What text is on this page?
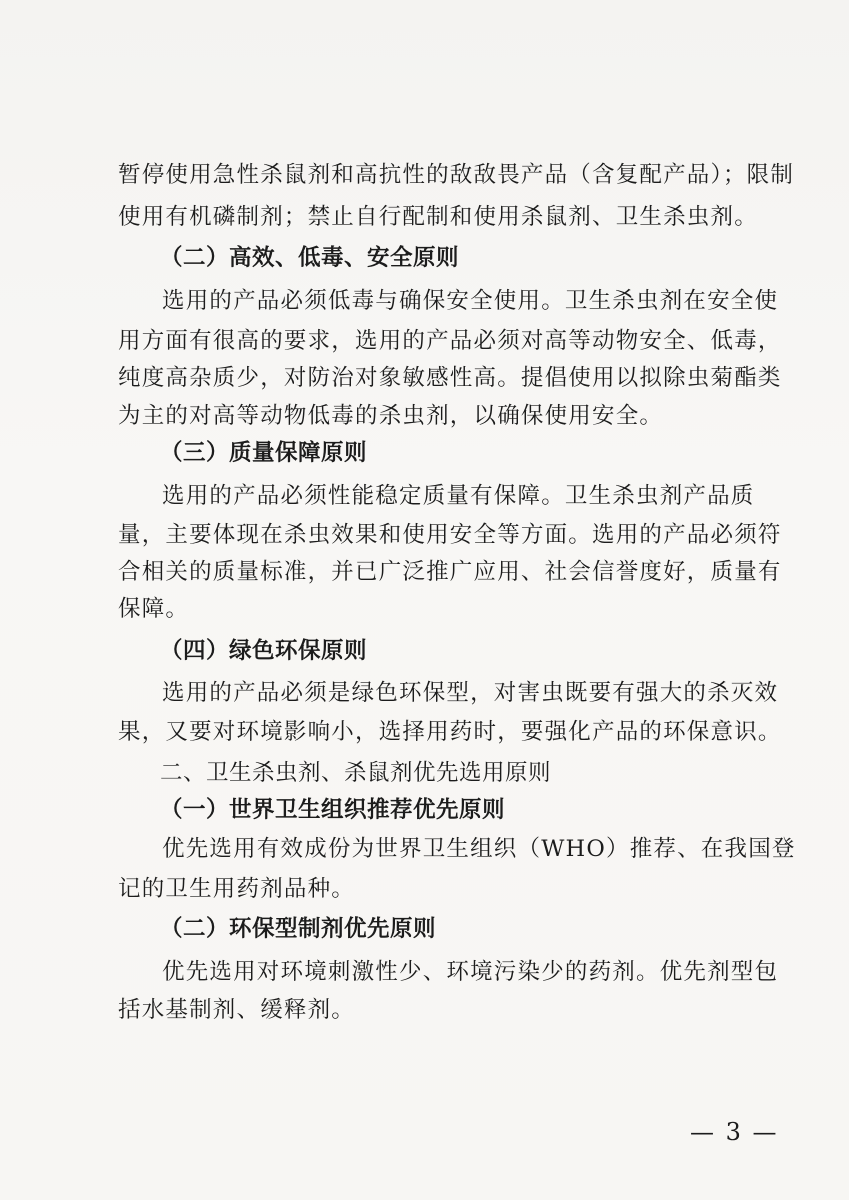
暂停使用急性杀鼠剂和高抗性的敌敌畏产品（含复配产品）；限制
使用有机磷制剂；禁止自行配制和使用杀鼠剂、卫生杀虫剂。
（二）高效、低毒、安全原则
选用的产品必须低毒与确保安全使用。卫生杀虫剂在安全使
用方面有很高的要求，选用的产品必须对高等动物安全、低毒，
纯度高杂质少，对防治对象敏感性高。提倡使用以拟除虫菊酯类
为主的对高等动物低毒的杀虫剂，以确保使用安全。
（三）质量保障原则
选用的产品必须性能稳定质量有保障。卫生杀虫剂产品质
量，主要体现在杀虫效果和使用安全等方面。选用的产品必须符
合相关的质量标准，并已广泛推广应用、社会信誉度好，质量有
保障。
（四）绿色环保原则
选用的产品必须是绿色环保型，对害虫既要有强大的杀灭效
果，又要对环境影响小，选择用药时，要强化产品的环保意识。
二、卫生杀虫剂、杀鼠剂优先选用原则
（一）世界卫生组织推荐优先原则
优先选用有效成份为世界卫生组织（WHO）推荐、在我国登
记的卫生用药剂品种。
（二）环保型制剂优先原则
优先选用对环境刺激性少、环境污染少的药剂。优先剂型包
括水基制剂、缓释剂。
— 3 —
